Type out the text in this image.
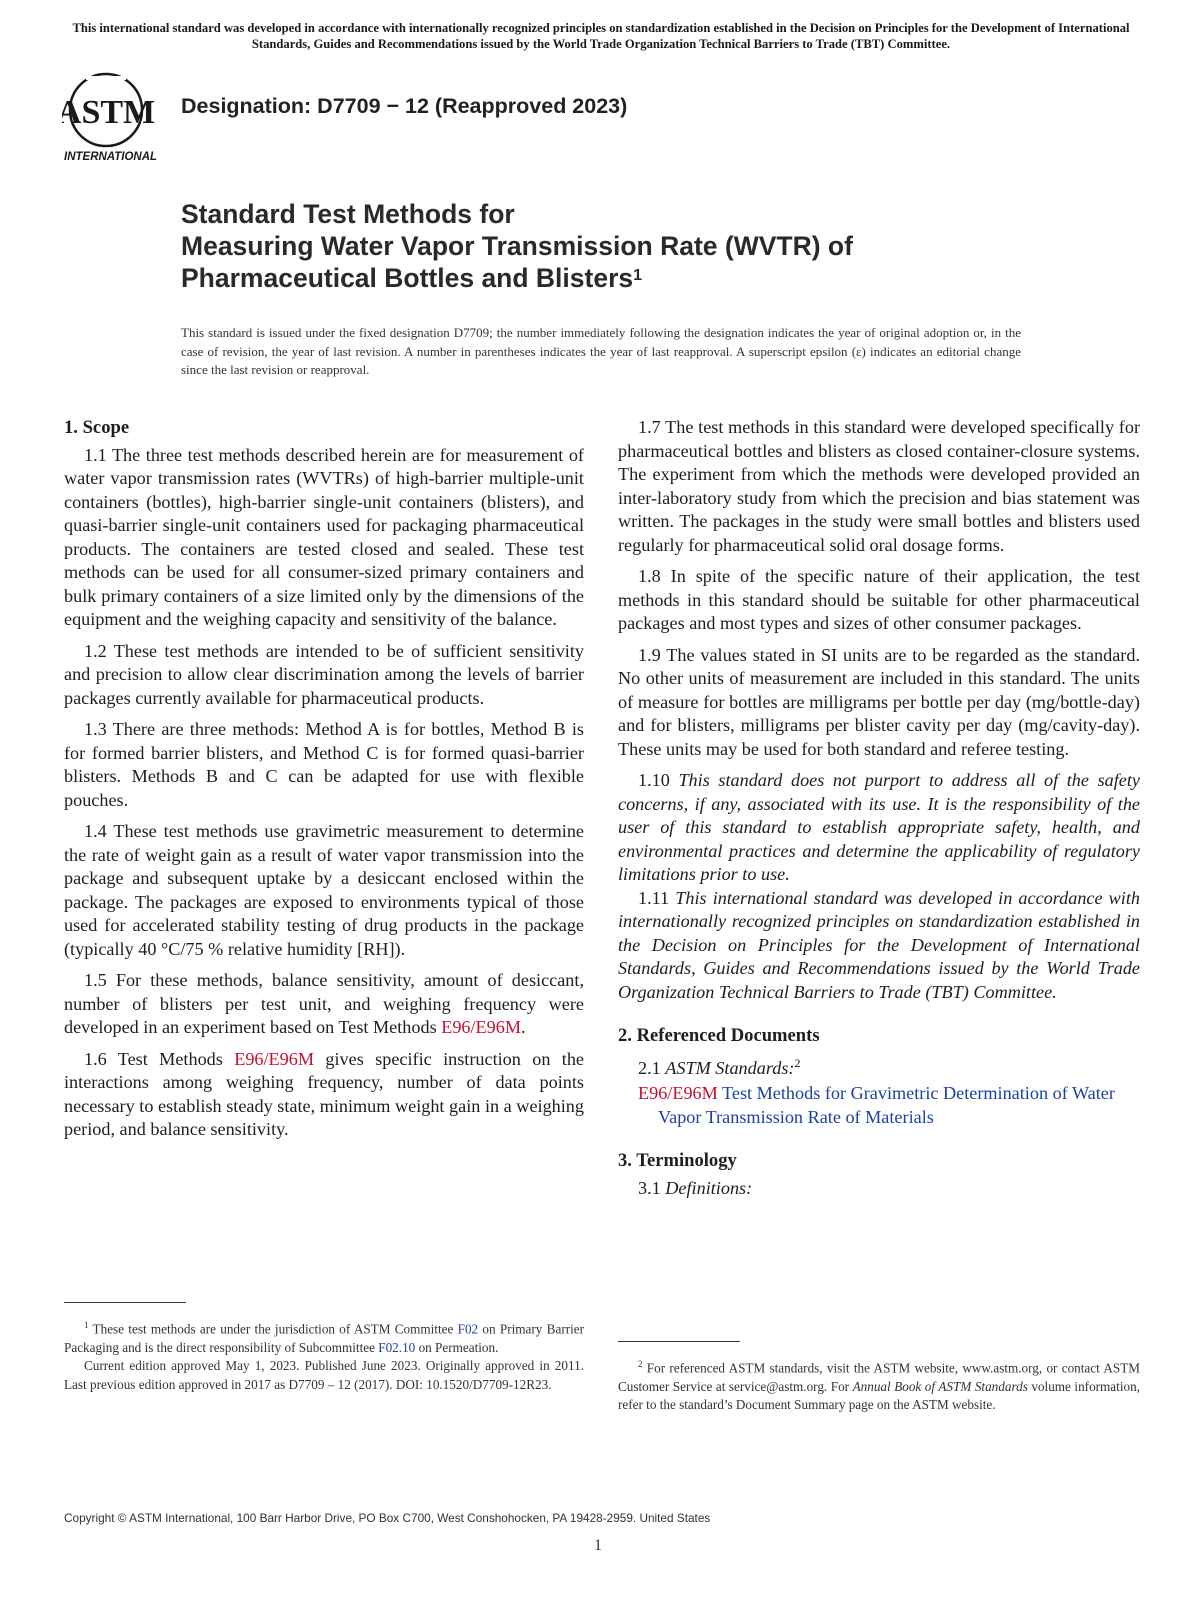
This international standard was developed in accordance with internationally recognized principles on standardization established in the Decision on Principles for the Development of International Standards, Guides and Recommendations issued by the World Trade Organization Technical Barriers to Trade (TBT) Committee.
ASTM
INTERNATIONAL
Designation: D7709 − 12 (Reapproved 2023)
Standard Test Methods for
Measuring Water Vapor Transmission Rate (WVTR) of
Pharmaceutical Bottles and Blisters$^1$
This standard is issued under the fixed designation D7709; the number immediately following the designation indicates the year of original adoption or, in the case of revision, the year of last revision. A number in parentheses indicates the year of last reapproval. A superscript epsilon (ε) indicates an editorial change since the last revision or reapproval.
1. Scope

1.1 The three test methods described herein are for measurement of water vapor transmission rates (WVTRs) of high-barrier multiple-unit containers (bottles), high-barrier single-unit containers (blisters), and quasi-barrier single-unit containers used for packaging pharmaceutical products. The containers are tested closed and sealed. These test methods can be used for all consumer-sized primary containers and bulk primary containers of a size limited only by the dimensions of the equipment and the weighing capacity and sensitivity of the balance.

1.2 These test methods are intended to be of sufficient sensitivity and precision to allow clear discrimination among the levels of barrier packages currently available for pharmaceutical products.

1.3 There are three methods: Method A is for bottles, Method B is for formed barrier blisters, and Method C is for formed quasi-barrier blisters. Methods B and C can be adapted for use with flexible pouches.

1.4 These test methods use gravimetric measurement to determine the rate of weight gain as a result of water vapor transmission into the package and subsequent uptake by a desiccant enclosed within the package. The packages are exposed to environments typical of those used for accelerated stability testing of drug products in the package (typically 40 °C/75 % relative humidity [RH]).

1.5 For these methods, balance sensitivity, amount of desiccant, number of blisters per test unit, and weighing frequency were developed in an experiment based on Test Methods E96/E96M.

1.6 Test Methods E96/E96M gives specific instruction on the interactions among weighing frequency, number of data points necessary to establish steady state, minimum weight gain in a weighing period, and balance sensitivity.

1.7 The test methods in this standard were developed specifically for pharmaceutical bottles and blisters as closed container-closure systems. The experiment from which the methods were developed provided an inter-laboratory study from which the precision and bias statement was written. The packages in the study were small bottles and blisters used regularly for pharmaceutical solid oral dosage forms.

1.8 In spite of the specific nature of their application, the test methods in this standard should be suitable for other pharmaceutical packages and most types and sizes of other consumer packages.

1.9 The values stated in SI units are to be regarded as the standard. No other units of measurement are included in this standard. The units of measure for bottles are milligrams per bottle per day (mg/bottle-day) and for blisters, milligrams per blister cavity per day (mg/cavity-day). These units may be used for both standard and referee testing.

1.10 This standard does not purport to address all of the safety concerns, if any, associated with its use. It is the responsibility of the user of this standard to establish appropriate safety, health, and environmental practices and determine the applicability of regulatory limitations prior to use.

1.11 This international standard was developed in accordance with internationally recognized principles on standardization established in the Decision on Principles for the Development of International Standards, Guides and Recommendations issued by the World Trade Organization Technical Barriers to Trade (TBT) Committee.

2. Referenced Documents
2.1 ASTM Standards:$^2$
E96/E96M Test Methods for Gravimetric Determination of Water Vapor Transmission Rate of Materials
3. Terminology
3.1 Definitions:

$^1$ These test methods are under the jurisdiction of ASTM Committee F02 on Primary Barrier Packaging and is the direct responsibility of Subcommittee F02.10 on Permeation.

Current edition approved May 1, 2023. Published June 2023. Originally approved in 2011. Last previous edition approved in 2017 as D7709 – 12 (2017). DOI: 10.1520/D7709-12R23.

$^2$ For referenced ASTM standards, visit the ASTM website, www.astm.org, or contact ASTM Customer Service at service@astm.org. For Annual Book of ASTM Standards volume information, refer to the standard’s Document Summary page on the ASTM website.

Copyright © ASTM International, 100 Barr Harbor Drive, PO Box C700, West Conshohocken, PA 19428-2959. United States
1
